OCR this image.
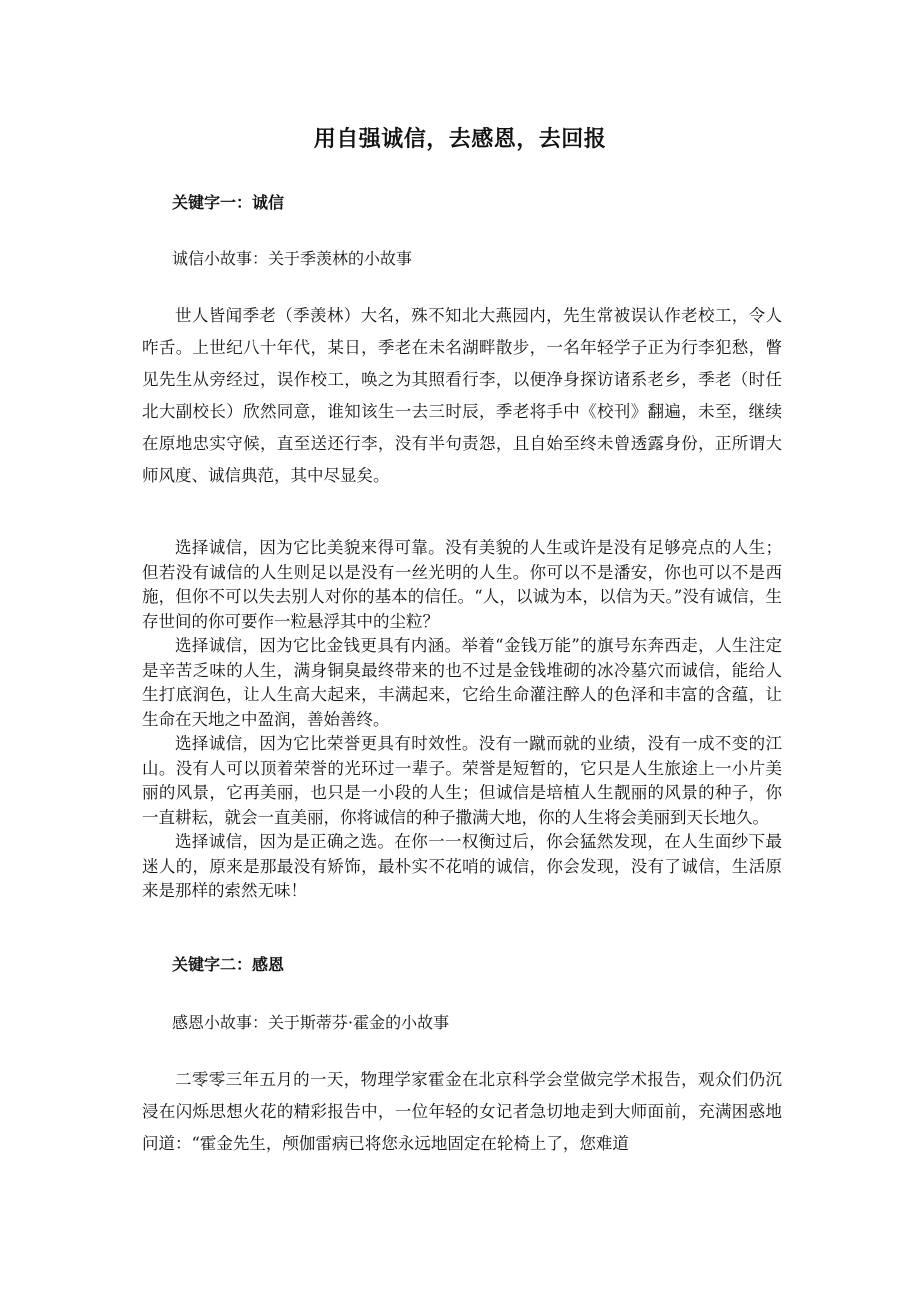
用自强诚信，去感恩，去回报
关键字一：诚信
诚信小故事：关于季羡林的小故事

世人皆闻季老（季羡林）大名，殊不知北大燕园内，先生常被误认作老校工，令人咋舌。上世纪八十年代，某日，季老在未名湖畔散步，一名年轻学子正为行李犯愁，瞥见先生从旁经过，误作校工，唤之为其照看行李，以便净身探访诸系老乡，季老（时任北大副校长）欣然同意，谁知该生一去三时辰，季老将手中《校刊》翻遍，未至，继续在原地忠实守候，直至送还行李，没有半句责怨，且自始至终未曾透露身份，正所谓大师风度、诚信典范，其中尽显矣。

选择诚信，因为它比美貌来得可靠。没有美貌的人生或许是没有足够亮点的人生；但若没有诚信的人生则足以是没有一丝光明的人生。你可以不是潘安，你也可以不是西施，但你不可以失去别人对你的基本的信任。“人，以诚为本，以信为天。”没有诚信，生存世间的你可要作一粒悬浮其中的尘粒？

选择诚信，因为它比金钱更具有内涵。举着“金钱万能”的旗号东奔西走，人生注定是辛苦乏味的人生，满身铜臭最终带来的也不过是金钱堆砌的冰冷墓穴而诚信，能给人生打底润色，让人生高大起来，丰满起来，它给生命灌注醉人的色泽和丰富的含蕴，让生命在天地之中盈润，善始善终。

选择诚信，因为它比荣誉更具有时效性。没有一蹴而就的业绩，没有一成不变的江山。没有人可以顶着荣誉的光环过一辈子。荣誉是短暂的，它只是人生旅途上一小片美丽的风景，它再美丽，也只是一小段的人生；但诚信是培植人生靓丽的风景的种子，你一直耕耘，就会一直美丽，你将诚信的种子撒满大地，你的人生将会美丽到天长地久。

选择诚信，因为是正确之选。在你一一权衡过后，你会猛然发现，在人生面纱下最迷人的，原来是那最没有矫饰，最朴实不花哨的诚信，你会发现，没有了诚信，生活原来是那样的索然无味！

关键字二：感恩
感恩小故事：关于斯蒂芬·霍金的小故事

二零零三年五月的一天，物理学家霍金在北京科学会堂做完学术报告，观众们仍沉浸在闪烁思想火花的精彩报告中，一位年轻的女记者急切地走到大师面前，充满困惑地问道：“霍金先生，颅伽雷病已将您永远地固定在轮椅上了，您难道
